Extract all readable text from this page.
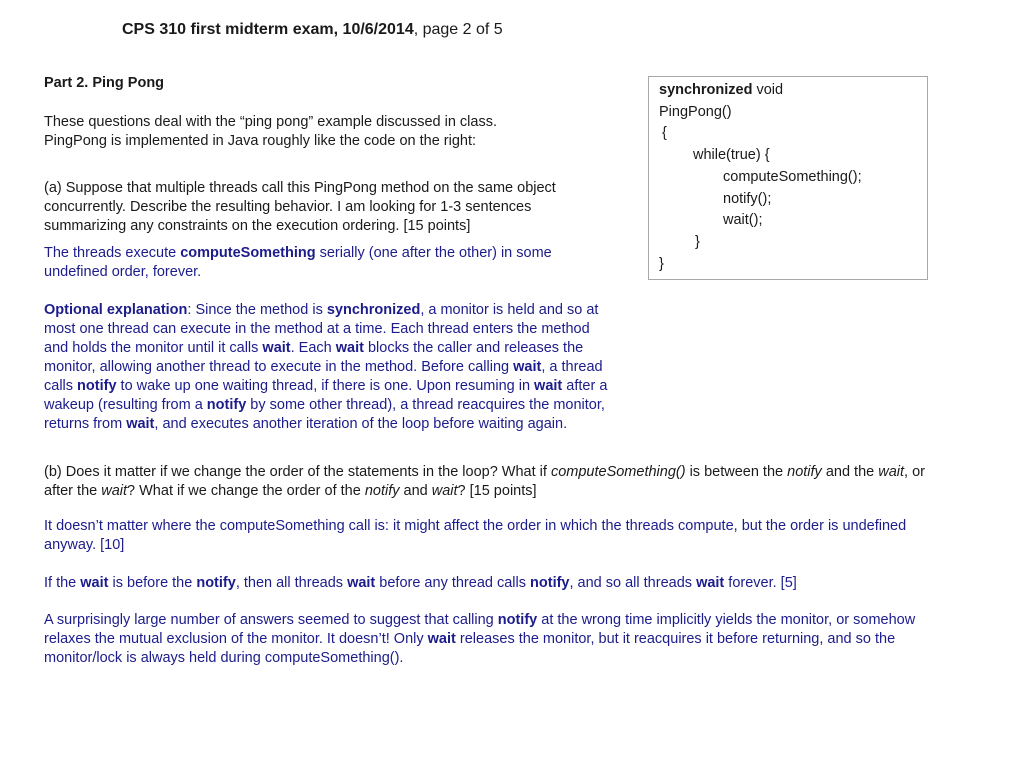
CPS 310 first midterm exam, 10/6/2014, page 2 of 5
Part 2. Ping Pong
These questions deal with the “ping pong” example discussed in class.
PingPong is implemented in Java roughly like the code on the right:
synchronized void
PingPong()
{
while(true) {
computeSomething();
notify();
wait();
}
}
(a) Suppose that multiple threads call this PingPong method on the same object concurrently. Describe the resulting behavior. I am looking for 1-3 sentences summarizing any constraints on the execution ordering. [15 points]
The threads execute computeSomething serially (one after the other) in some undefined order, forever.
Optional explanation: Since the method is synchronized, a monitor is held and so at most one thread can execute in the method at a time. Each thread enters the method and holds the monitor until it calls wait. Each wait blocks the caller and releases the monitor, allowing another thread to execute in the method. Before calling wait, a thread calls notify to wake up one waiting thread, if there is one. Upon resuming in wait after a wakeup (resulting from a notify by some other thread), a thread reacquires the monitor, returns from wait, and executes another iteration of the loop before waiting again.
(b) Does it matter if we change the order of the statements in the loop? What if computeSomething() is between the notify and the wait, or after the wait? What if we change the order of the notify and wait? [15 points]
It doesn’t matter where the computeSomething call is: it might affect the order in which the threads compute, but the order is undefined anyway. [10]
If the wait is before the notify, then all threads wait before any thread calls notify, and so all threads wait forever. [5]
A surprisingly large number of answers seemed to suggest that calling notify at the wrong time implicitly yields the monitor, or somehow relaxes the mutual exclusion of the monitor. It doesn’t! Only wait releases the monitor, but it reacquires it before returning, and so the monitor/lock is always held during computeSomething().
